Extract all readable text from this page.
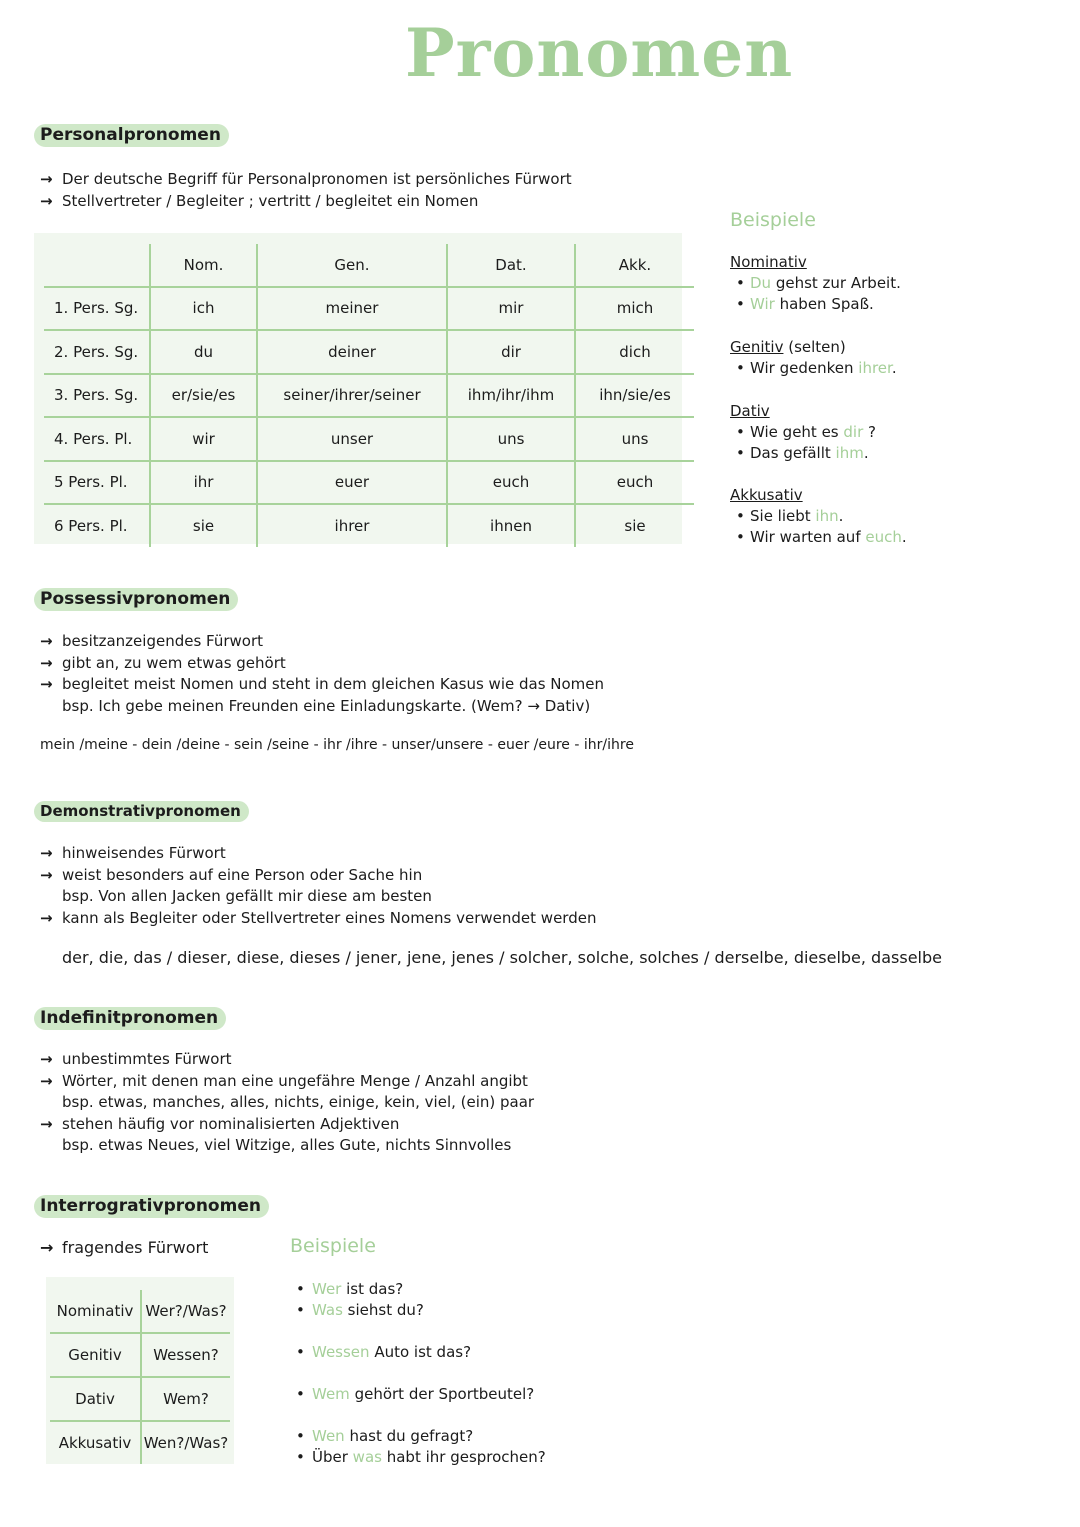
Pronomen
Personalpronomen
→ Der deutsche Begriff für Personalpronomen ist persönliches Fürwort
→ Stellvertreter / Begleiter ; vertritt / begleitet ein Nomen
	Nom.	Gen.	Dat.	Akk.
1. Pers. Sg.	ich	meiner	mir	mich
2. Pers. Sg.	du	deiner	dir	dich
3. Pers. Sg.	er/sie/es	seiner/ihrer/seiner	ihm/ihr/ihm	ihn/sie/es
4. Pers. Pl.	wir	unser	uns	uns
5 Pers. Pl.	ihr	euer	euch	euch
6 Pers. Pl.	sie	ihrer	ihnen	sie
Beispiele
Nominativ
• Du gehst zur Arbeit.
• Wir haben Spaß.
Genitiv (selten)
• Wir gedenken ihrer.
Dativ
• Wie geht es dir ?
• Das gefällt ihm.
Akkusativ
• Sie liebt ihn.
• Wir warten auf euch.
Possessivpronomen
→ besitzanzeigendes Fürwort
→ gibt an, zu wem etwas gehört
→ begleitet meist Nomen und steht in dem gleichen Kasus wie das Nomen
bsp. Ich gebe meinen Freunden eine Einladungskarte. (Wem? → Dativ)
mein /meine - dein /deine - sein /seine - ihr /ihre - unser/unsere - euer /eure - ihr/ihre
Demonstrativpronomen
→ hinweisendes Fürwort
→ weist besonders auf eine Person oder Sache hin
bsp. Von allen Jacken gefällt mir diese am besten
→ kann als Begleiter oder Stellvertreter eines Nomens verwendet werden
der, die, das / dieser, diese, dieses / jener, jene, jenes / solcher, solche, solches / derselbe, dieselbe, dasselbe
Indefinitpronomen
→ unbestimmtes Fürwort
→ Wörter, mit denen man eine ungefähre Menge / Anzahl angibt
bsp. etwas, manches, alles, nichts, einige, kein, viel, (ein) paar
→ stehen häufig vor nominalisierten Adjektiven
bsp. etwas Neues, viel Witzige, alles Gute, nichts Sinnvolles
Interrogrativpronomen
→ fragendes Fürwort
Nominativ	Wer?/Was?
Genitiv	Wessen?
Dativ	Wem?
Akkusativ	Wen?/Was?
Beispiele
• Wer ist das?
• Was siehst du?
• Wessen Auto ist das?
• Wem gehört der Sportbeutel?
• Wen hast du gefragt?
• Über was habt ihr gesprochen?
